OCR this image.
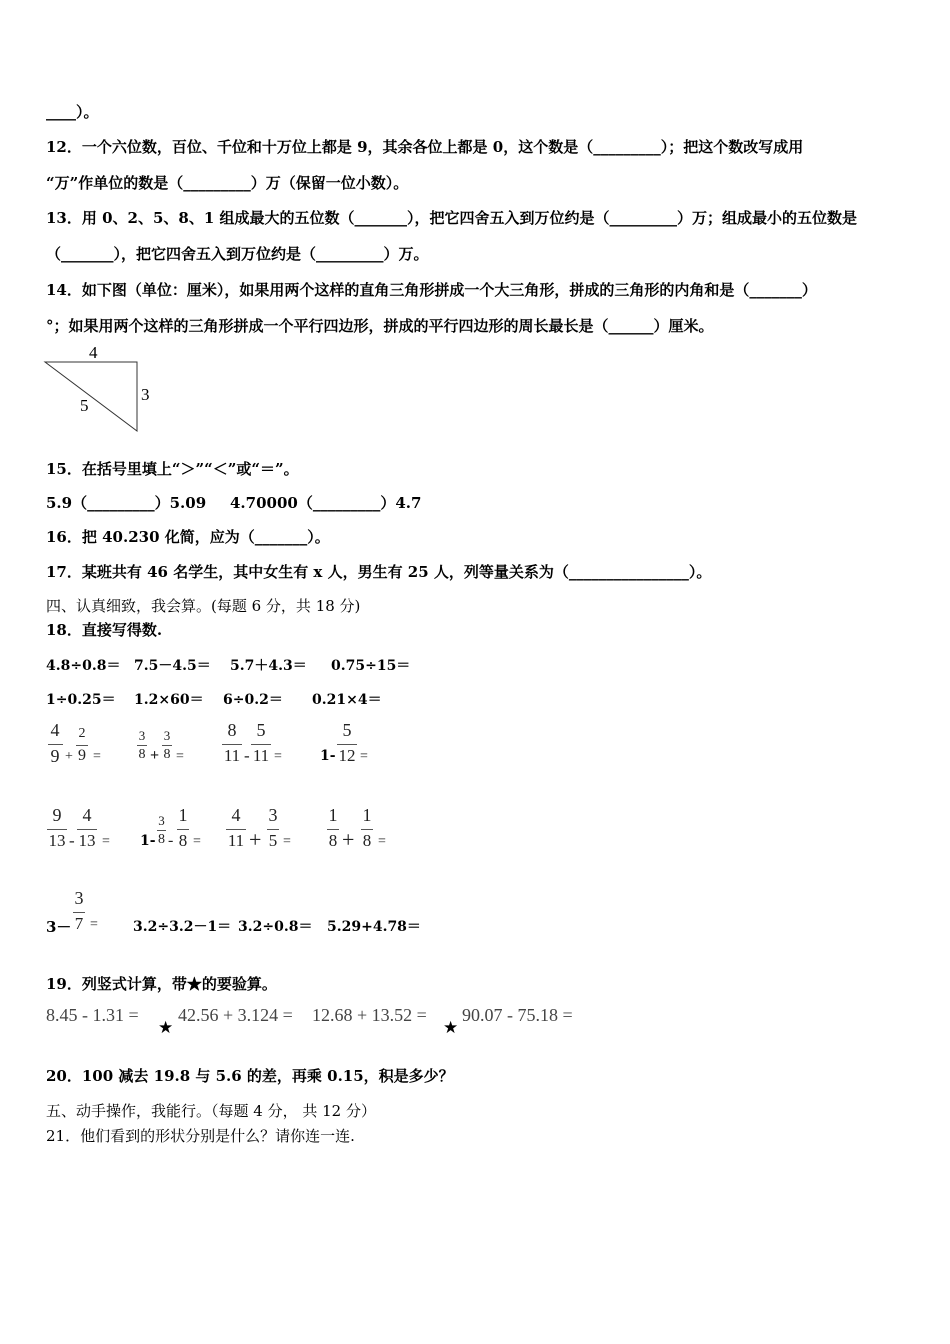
____）。
12．一个六位数，百位、千位和十万位上都是 9，其余各位上都是 0，这个数是（_________）；把这个数改写成用
“万”作单位的数是（_________）万（保留一位小数）。
13．用 0、2、5、8、1 组成最大的五位数（_______），把它四舍五入到万位约是（_________）万；组成最小的五位数是
（_______），把它四舍五入到万位约是（_________）万。
14．如下图（单位：厘米），如果用两个这样的直角三角形拼成一个大三角形，拼成的三角形的内角和是（_______）
°；如果用两个这样的三角形拼成一个平行四边形，拼成的平行四边形的周长最长是（______）厘米。
4
3
5
15．在括号里填上“＞”“＜”或“＝”。
5.9（_________）5.09 4.70000（_________）4.7
16．把 40.230 化简，应为（_______）。
17．某班共有 46 名学生，其中女生有 x 人，男生有 25 人，列等量关系为（________________）。
四、认真细致，我会算。(每题 6 分，共 18 分)
18．直接写得数.
4.8÷0.8＝ 7.5－4.5＝ 5.7＋4.3＝ 0.75÷15＝
1÷0.25＝ 1.2×60＝ 6÷0.2＝ 0.21×4＝
4
9 +
2
9 =
3
8 +
3
8 =
8
11 -
5
11 =	1-
5
12 =
9
13 -
4
13 = 1-
3
8 -
1
8 =
4
11 +
3
5 =
1
8 +
1
8 =
3－
3
7 =	3.2÷3.2－1＝ 3.2÷0.8＝ 5.29+4.78＝
19．列竖式计算，带★的要验算。
8.45 - 1.31 =
★
42.56 + 3.124 = 12.68 + 13.52 =
★
90.07 - 75.18 =
20．100 减去 19.8 与 5.6 的差，再乘 0.15，积是多少？
五、动手操作，我能行。（每题 4 分， 共 12 分）
21．他们看到的形状分别是什么？请你连一连.
